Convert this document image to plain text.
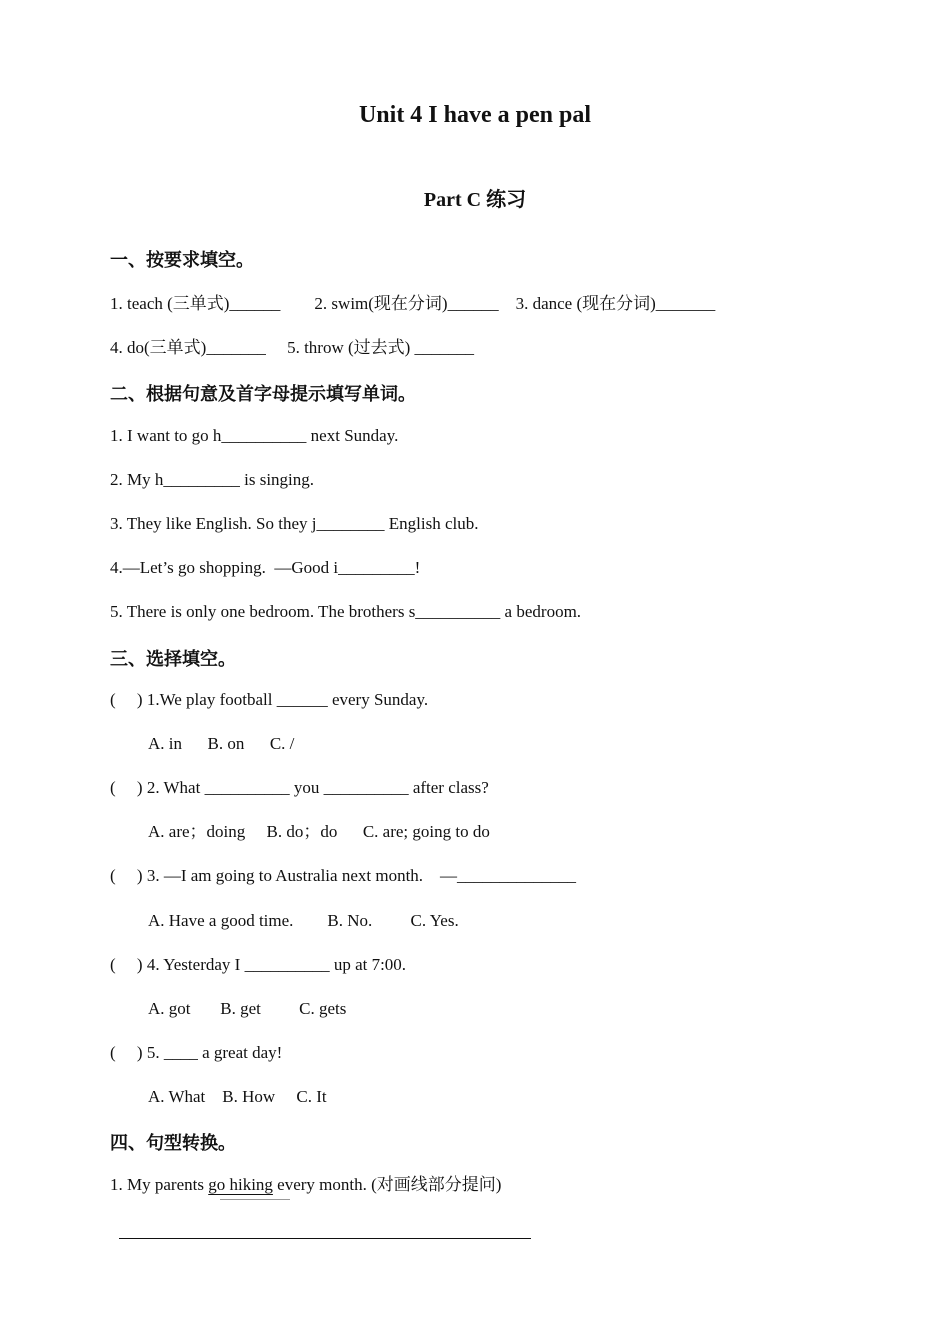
Unit 4 I have a pen pal
Part C 练习
一、按要求填空。
1. teach (三单式)______        2. swim(现在分词)______    3. dance (现在分词)_______
4. do(三单式)_______     5. throw (过去式) _______
二、根据句意及首字母提示填写单词。
1. I want to go h__________ next Sunday.
2. My h_________ is singing.
3. They like English. So they j________ English club.
4.—Let’s go shopping.  —Good i_________!
5. There is only one bedroom. The brothers s__________ a bedroom.
三、选择填空。
(     ) 1.We play football ______ every Sunday.
A. in      B. on      C. /
(     ) 2. What __________ you __________ after class?
A. are；doing     B. do；do      C. are; going to do
(     ) 3. —I am going to Australia next month.    —______________
A. Have a good time.        B. No.         C. Yes.
(     ) 4. Yesterday I __________ up at 7:00.
A. got       B. get         C. gets
(     ) 5. ____ a great day!
A. What    B. How     C. It
四、句型转换。
1. My parents go hiking every month. (对画线部分提问)
